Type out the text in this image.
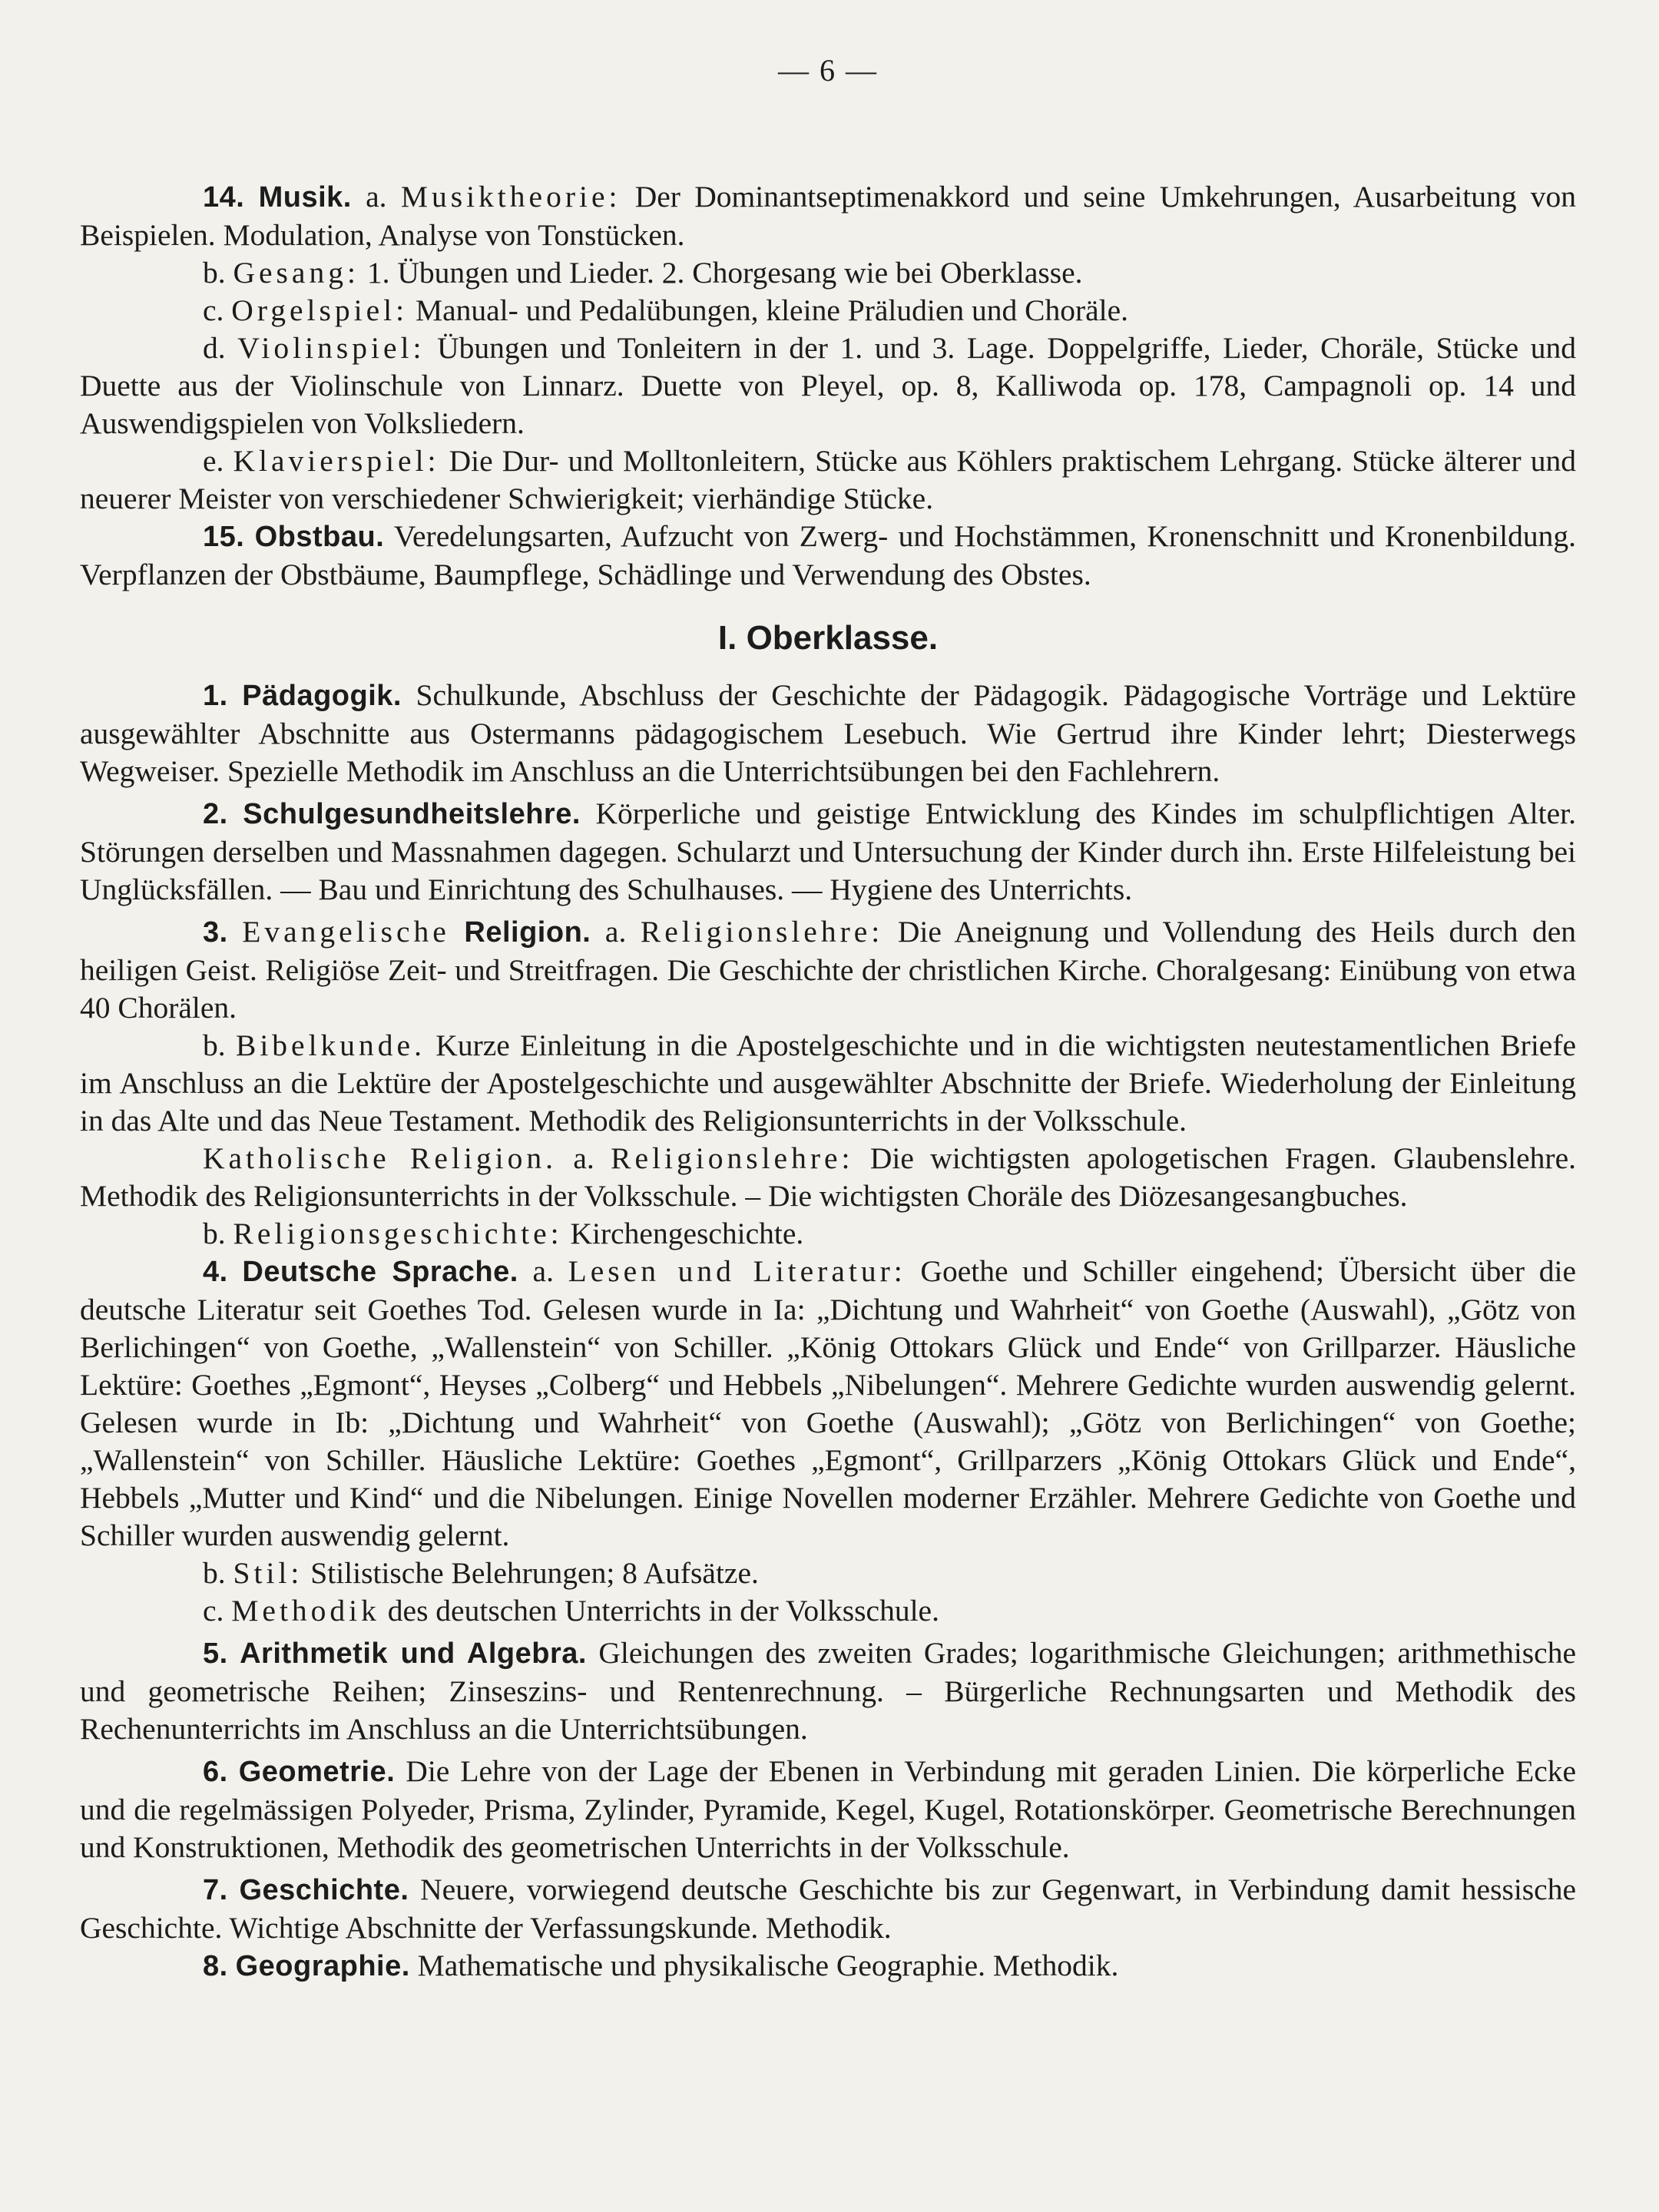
— 6 —

14. Musik. a. Musiktheorie: Der Dominantseptimenakkord und seine Umkehrungen, Ausarbeitung von Beispielen. Modulation, Analyse von Tonstücken.

b. Gesang: 1. Übungen und Lieder. 2. Chorgesang wie bei Oberklasse.

c. Orgelspiel: Manual- und Pedalübungen, kleine Präludien und Choräle.

d. Violinspiel: Übungen und Tonleitern in der 1. und 3. Lage. Doppelgriffe, Lieder, Choräle, Stücke und Duette aus der Violinschule von Linnarz. Duette von Pleyel, op. 8, Kalliwoda op. 178, Campagnoli op. 14 und Auswendigspielen von Volksliedern.

e. Klavierspiel: Die Dur- und Molltonleitern, Stücke aus Köhlers praktischem Lehrgang. Stücke älterer und neuerer Meister von verschiedener Schwierigkeit; vierhändige Stücke.

15. Obstbau. Veredelungsarten, Aufzucht von Zwerg- und Hochstämmen, Kronenschnitt und Kronenbildung. Verpflanzen der Obstbäume, Baumpflege, Schädlinge und Verwendung des Obstes.

I. Oberklasse.

1. Pädagogik. Schulkunde, Abschluss der Geschichte der Pädagogik. Pädagogische Vorträge und Lektüre ausgewählter Abschnitte aus Ostermanns pädagogischem Lesebuch. Wie Gertrud ihre Kinder lehrt; Diesterwegs Wegweiser. Spezielle Methodik im Anschluss an die Unterrichtsübungen bei den Fachlehrern.

2. Schulgesundheitslehre. Körperliche und geistige Entwicklung des Kindes im schulpflichtigen Alter. Störungen derselben und Massnahmen dagegen. Schularzt und Untersuchung der Kinder durch ihn. Erste Hilfeleistung bei Unglücksfällen. — Bau und Einrichtung des Schulhauses. — Hygiene des Unterrichts.

3. Evangelische Religion. a. Religionslehre: Die Aneignung und Vollendung des Heils durch den heiligen Geist. Religiöse Zeit- und Streitfragen. Die Geschichte der christlichen Kirche. Choralgesang: Einübung von etwa 40 Chorälen.

b. Bibelkunde. Kurze Einleitung in die Apostelgeschichte und in die wichtigsten neutestamentlichen Briefe im Anschluss an die Lektüre der Apostelgeschichte und ausgewählter Abschnitte der Briefe. Wiederholung der Einleitung in das Alte und das Neue Testament. Methodik des Religionsunterrichts in der Volksschule.

Katholische Religion. a. Religionslehre: Die wichtigsten apologetischen Fragen. Glaubenslehre. Methodik des Religionsunterrichts in der Volksschule. – Die wichtigsten Choräle des Diözesangesangbuches.

b. Religionsgeschichte: Kirchengeschichte.

4. Deutsche Sprache. a. Lesen und Literatur: Goethe und Schiller eingehend; Übersicht über die deutsche Literatur seit Goethes Tod. Gelesen wurde in Ia: „Dichtung und Wahrheit“ von Goethe (Auswahl), „Götz von Berlichingen“ von Goethe, „Wallenstein“ von Schiller. „König Ottokars Glück und Ende“ von Grillparzer. Häusliche Lektüre: Goethes „Egmont“, Heyses „Colberg“ und Hebbels „Nibelungen“. Mehrere Gedichte wurden auswendig gelernt. Gelesen wurde in Ib: „Dichtung und Wahrheit“ von Goethe (Auswahl); „Götz von Berlichingen“ von Goethe; „Wallenstein“ von Schiller. Häusliche Lektüre: Goethes „Egmont“, Grillparzers „König Ottokars Glück und Ende“, Hebbels „Mutter und Kind“ und die Nibelungen. Einige Novellen moderner Erzähler. Mehrere Gedichte von Goethe und Schiller wurden auswendig gelernt.

b. Stil: Stilistische Belehrungen; 8 Aufsätze.

c. Methodik des deutschen Unterrichts in der Volksschule.

5. Arithmetik und Algebra. Gleichungen des zweiten Grades; logarithmische Gleichungen; arithmethische und geometrische Reihen; Zinseszins- und Rentenrechnung. – Bürgerliche Rechnungsarten und Methodik des Rechenunterrichts im Anschluss an die Unterrichtsübungen.

6. Geometrie. Die Lehre von der Lage der Ebenen in Verbindung mit geraden Linien. Die körperliche Ecke und die regelmässigen Polyeder, Prisma, Zylinder, Pyramide, Kegel, Kugel, Rotationskörper. Geometrische Berechnungen und Konstruktionen, Methodik des geometrischen Unterrichts in der Volksschule.

7. Geschichte. Neuere, vorwiegend deutsche Geschichte bis zur Gegenwart, in Verbindung damit hessische Geschichte. Wichtige Abschnitte der Verfassungskunde. Methodik.

8. Geographie. Mathematische und physikalische Geographie. Methodik.
